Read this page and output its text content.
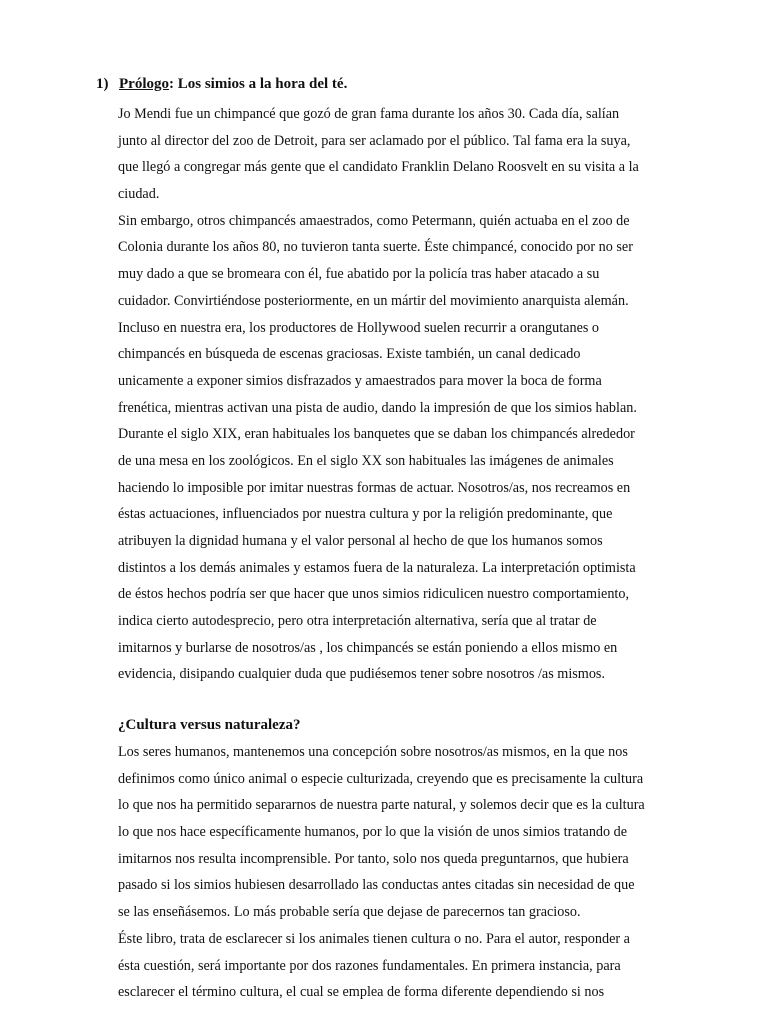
1) Prólogo: Los simios a la hora del té.
Jo Mendi fue un chimpancé que gozó de gran fama durante los años 30. Cada día, salían
junto al director del zoo de Detroit, para ser aclamado por el público. Tal fama era la suya,
que llegó a congregar más gente que el candidato Franklin Delano Roosvelt en su visita a la
ciudad.
Sin embargo, otros chimpancés amaestrados, como Petermann, quién actuaba en el zoo de
Colonia durante los años 80, no tuvieron tanta suerte. Éste chimpancé, conocido por no ser
muy dado a que se bromeara con él, fue abatido por la policía tras haber atacado a su
cuidador. Convirtiéndose posteriormente, en un mártir del movimiento anarquista alemán.
Incluso en nuestra era, los productores de Hollywood suelen recurrir a orangutanes o
chimpancés en búsqueda de escenas graciosas. Existe también, un canal dedicado
unicamente a exponer simios disfrazados y amaestrados para mover la boca de forma
frenética, mientras activan una pista de audio, dando la impresión de que los simios hablan.
Durante el siglo XIX, eran habituales los banquetes que se daban los chimpancés alrededor
de una mesa en los zoológicos. En el siglo XX son habituales las imágenes de animales
haciendo lo imposible por imitar nuestras formas de actuar. Nosotros/as, nos recreamos en
éstas actuaciones, influenciados por nuestra cultura y por la religión predominante, que
atribuyen la dignidad humana y el valor personal al hecho de que los humanos somos
distintos a los demás animales y estamos fuera de la naturaleza. La interpretación optimista
de éstos hechos podría ser que hacer que unos simios ridiculicen nuestro comportamiento,
indica cierto autodesprecio, pero otra interpretación alternativa, sería que al tratar de
imitarnos y burlarse de nosotros/as , los chimpancés se están poniendo a ellos mismo en
evidencia, disipando cualquier duda que pudiésemos tener sobre nosotros /as mismos.
¿Cultura versus naturaleza?
Los seres humanos, mantenemos una concepción sobre nosotros/as mismos, en la que nos
definimos como único animal o especie culturizada, creyendo que es precisamente la cultura
lo que nos ha permitido separarnos de nuestra parte natural, y solemos decir que es la cultura
lo que nos hace específicamente humanos, por lo que la visión de unos simios tratando de
imitarnos nos resulta incomprensible. Por tanto, solo nos queda preguntarnos, que hubiera
pasado si los simios hubiesen desarrollado las conductas antes citadas sin necesidad de que
se las enseñásemos. Lo más probable sería que dejase de parecernos tan gracioso.
Éste libro, trata de esclarecer si los animales tienen cultura o no. Para el autor, responder a
ésta cuestión, será importante por dos razones fundamentales. En primera instancia, para
esclarecer el término cultura, el cual se emplea de forma diferente dependiendo si nos
